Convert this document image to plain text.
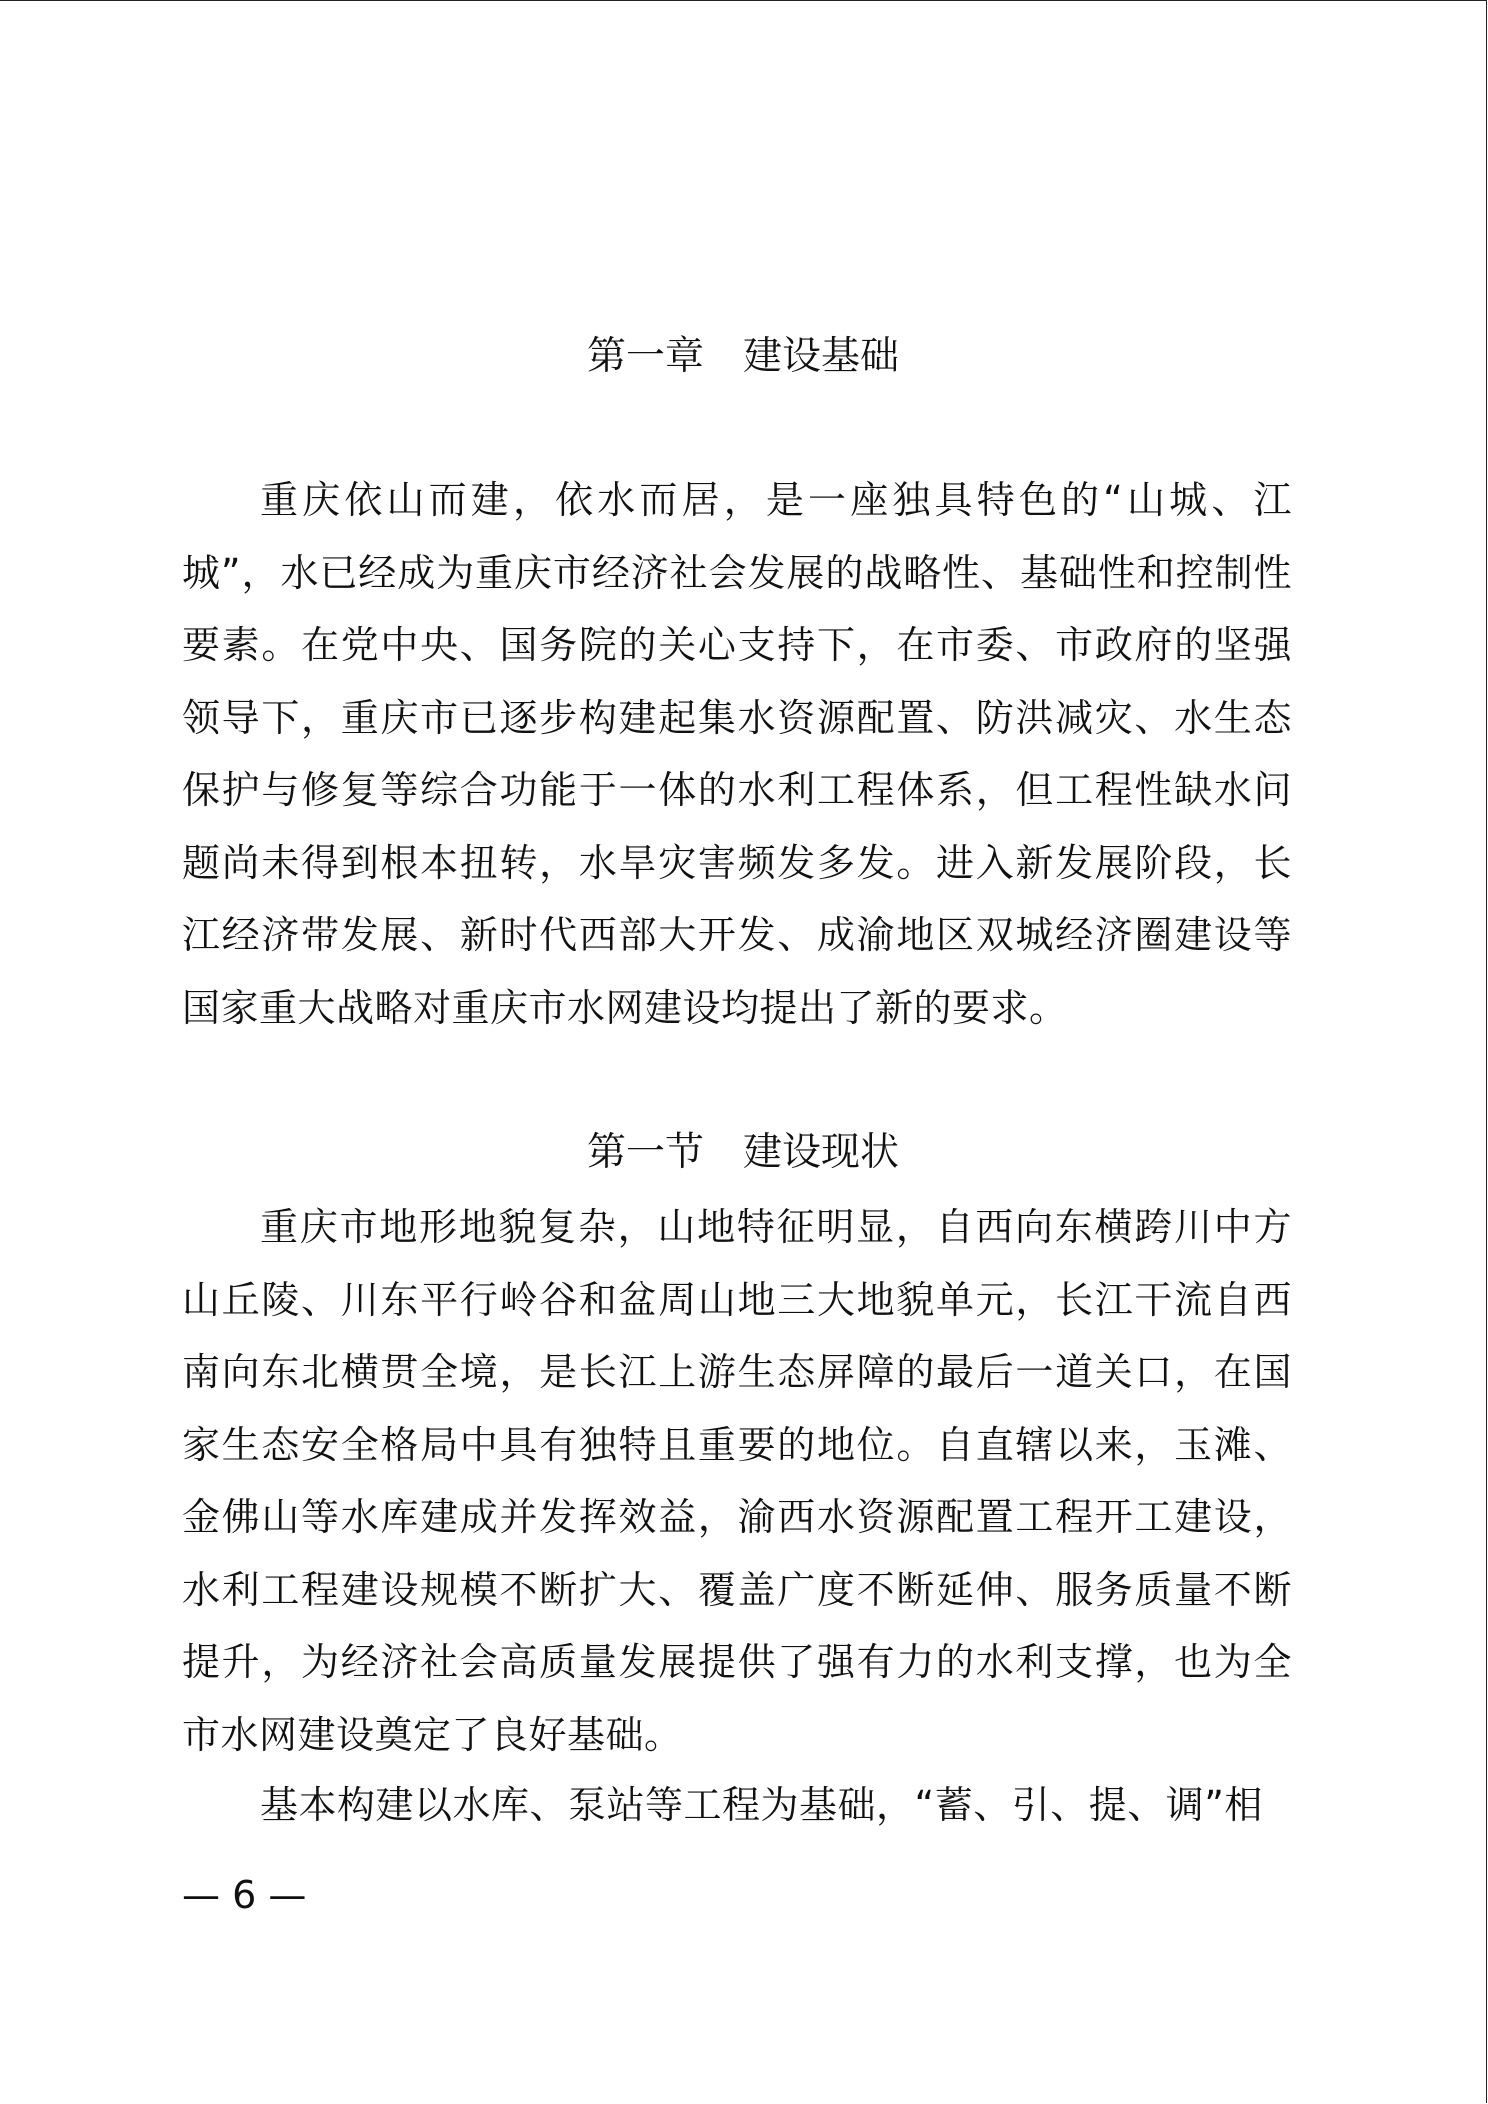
第一章　建设基础

重庆依山而建，依水而居，是一座独具特色的“山城、江城”，水已经成为重庆市经济社会发展的战略性、基础性和控制性要素。在党中央、国务院的关心支持下，在市委、市政府的坚强领导下，重庆市已逐步构建起集水资源配置、防洪减灾、水生态保护与修复等综合功能于一体的水利工程体系，但工程性缺水问题尚未得到根本扭转，水旱灾害频发多发。进入新发展阶段，长江经济带发展、新时代西部大开发、成渝地区双城经济圈建设等国家重大战略对重庆市水网建设均提出了新的要求。

第一节　建设现状

重庆市地形地貌复杂，山地特征明显，自西向东横跨川中方山丘陵、川东平行岭谷和盆周山地三大地貌单元，长江干流自西南向东北横贯全境，是长江上游生态屏障的最后一道关口，在国家生态安全格局中具有独特且重要的地位。自直辖以来，玉滩、金佛山等水库建成并发挥效益，渝西水资源配置工程开工建设，水利工程建设规模不断扩大、覆盖广度不断延伸、服务质量不断提升，为经济社会高质量发展提供了强有力的水利支撑，也为全市水网建设奠定了良好基础。

基本构建以水库、泵站等工程为基础，“蓄、引、提、调”相

— 6 —
